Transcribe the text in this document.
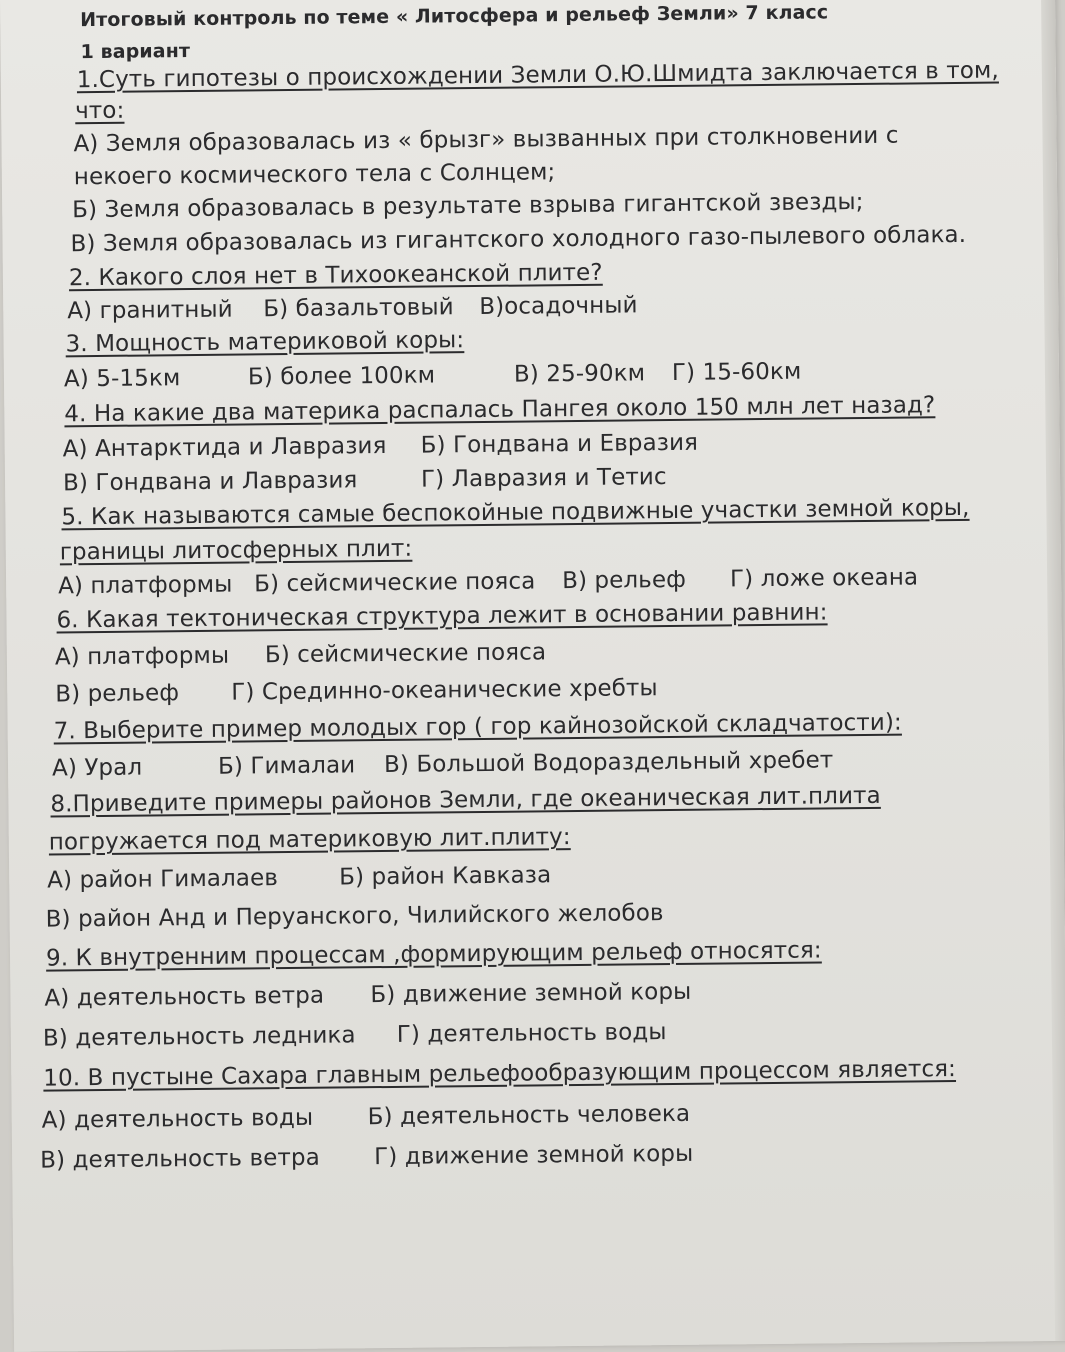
Итоговый контроль по теме « Литосфера и рельеф Земли» 7 класс
1 вариант
1.Суть гипотезы о происхождении Земли О.Ю.Шмидта заключается в том,
что:
А) Земля образовалась из « брызг» вызванных при столкновении с
некоего космического тела с Солнцем;
Б) Земля образовалась в результате взрыва гигантской звезды;
В) Земля образовалась из гигантского холодного газо-пылевого облака.
2. Какого слоя нет в Тихоокеанской плите?
А) гранитный Б) базальтовый В)осадочный
3. Мощность материковой коры:
А) 5-15км	Б) более 100км	В) 25-90км Г) 15-60км
4. На какие два материка распалась Пангея около 150 млн лет назад?
А) Антарктида и Лавразия Б) Гондвана и Евразия
В) Гондвана и Лавразия	Г) Лавразия и Тетис
5. Как называются самые беспокойные подвижные участки земной коры,
границы литосферных плит:
А) платформы Б) сейсмические пояса В) рельеф Г) ложе океана
6. Какая тектоническая структура лежит в основании равнин:
А) платформы Б) сейсмические пояса
В) рельеф Г) Срединно-океанические хребты
7. Выберите пример молодых гор ( гор кайнозойской складчатости):
А) Урал	Б) Гималаи В) Большой Водораздельный хребет
8.Приведите примеры районов Земли, где океаническая лит.плита
погружается под материковую лит.плиту:
А) район Гималаев	Б) район Кавказа
В) район Анд и Перуанского, Чилийского желобов
9. К внутренним процессам ,формирующим рельеф относятся:
А) деятельность ветра Б) движение земной коры
В) деятельность ледника Г) деятельность воды
10. В пустыне Сахара главным рельефообразующим процессом является:
А) деятельность воды Б) деятельность человека
В) деятельность ветра Г) движение земной коры
